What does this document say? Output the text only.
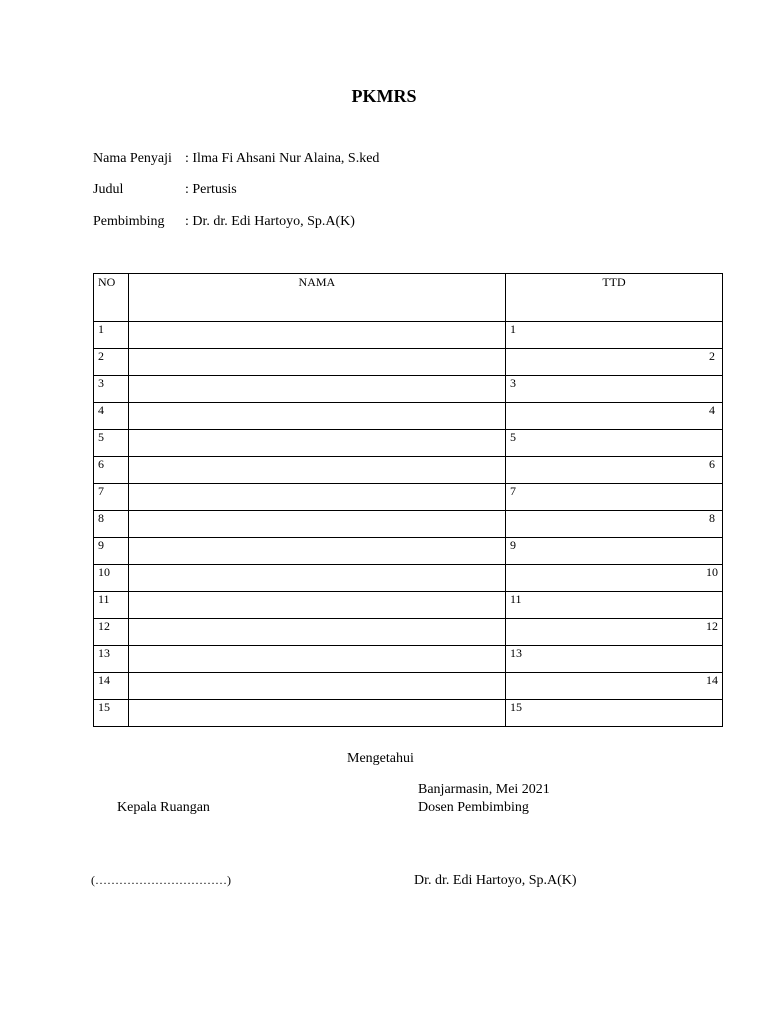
PKMRS
Nama Penyaji : Ilma Fi Ahsani Nur Alaina, S.ked
Judul	: Pertusis
Pembimbing : Dr. dr. Edi Hartoyo, Sp.A(K)
NO	NAMA	TTD
1		1
2		2
3		3
4		4
5		5
6		6
7		7
8		8
9		9
10		10
11		11
12		12
13		13
14		14
15		15
Mengetahui
Banjarmasin, Mei 2021
Kepala Ruangan	Dosen Pembimbing
(……………………………)	Dr. dr. Edi Hartoyo, Sp.A(K)
